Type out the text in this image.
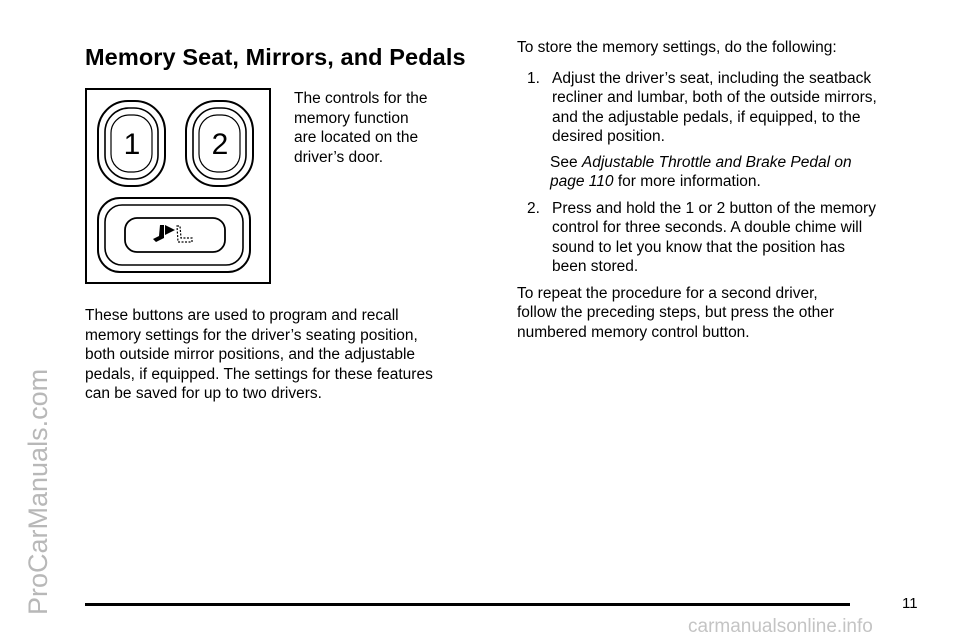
ProCarManuals.com
Memory Seat, Mirrors, and Pedals
1 2

The controls for the
memory function
are located on the
driver’s door.

These buttons are used to program and recall
memory settings for the driver’s seating position,
both outside mirror positions, and the adjustable
pedals, if equipped. The settings for these features
can be saved for up to two drivers.

To store the memory settings, do the following:

1. Adjust the driver’s seat, including the seatback
recliner and lumbar, both of the outside mirrors,
and the adjustable pedals, if equipped, to the
desired position.

See Adjustable Throttle and Brake Pedal on
page 110 for more information.

2. Press and hold the 1 or 2 button of the memory
control for three seconds. A double chime will
sound to let you know that the position has
been stored.

To repeat the procedure for a second driver,
follow the preceding steps, but press the other
numbered memory control button.

11
carmanualsonline.info
